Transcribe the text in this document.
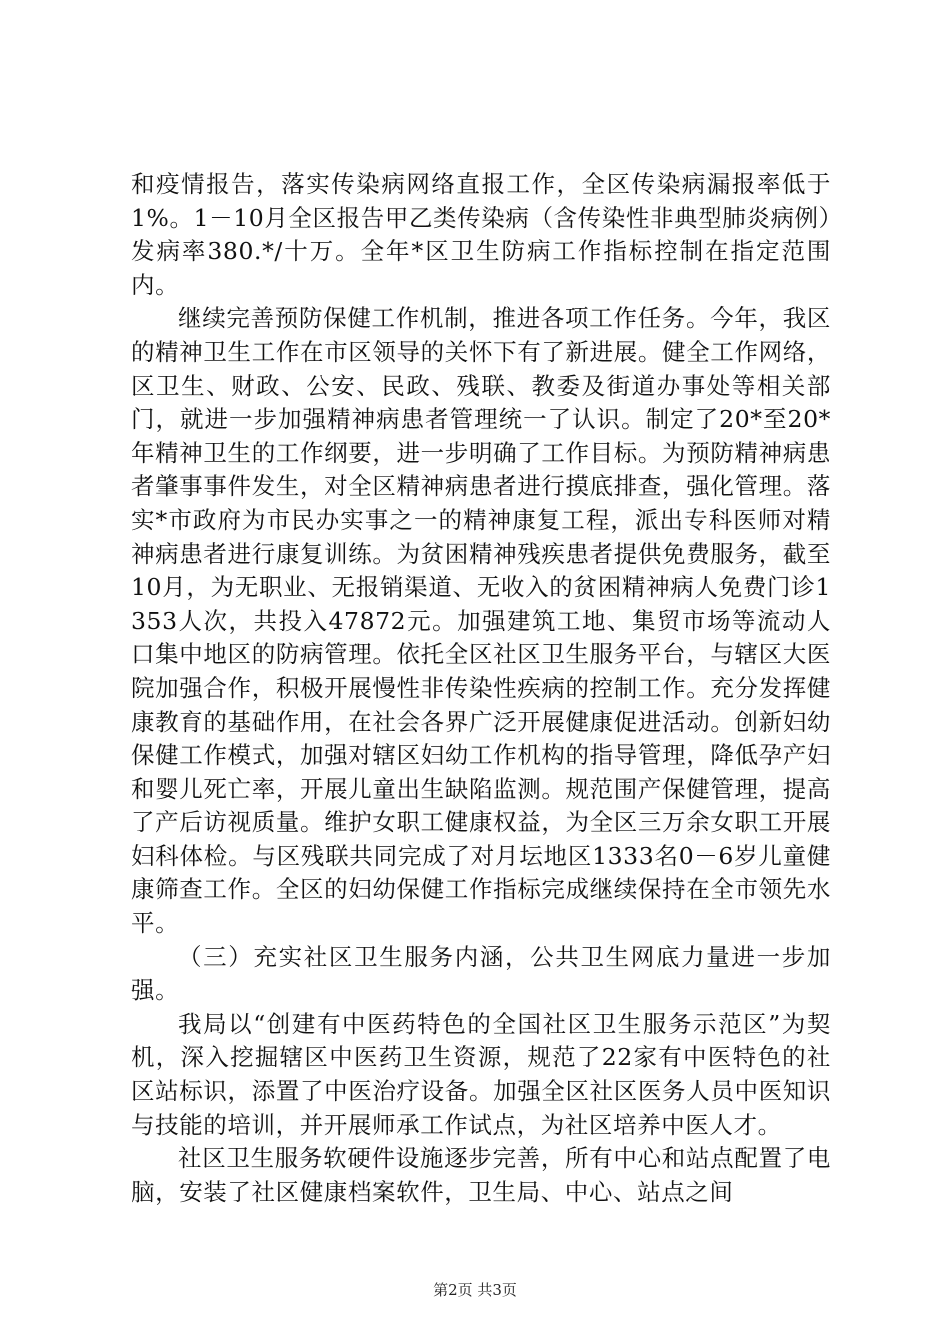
和疫情报告，落实传染病网络直报工作，全区传染病漏报率低于1%。1－10月全区报告甲乙类传染病（含传染性非典型肺炎病例）发病率380.*/十万。全年*区卫生防病工作指标控制在指定范围内。

继续完善预防保健工作机制，推进各项工作任务。今年，我区的精神卫生工作在市区领导的关怀下有了新进展。健全工作网络，区卫生、财政、公安、民政、残联、教委及街道办事处等相关部门，就进一步加强精神病患者管理统一了认识。制定了20*至20*年精神卫生的工作纲要，进一步明确了工作目标。为预防精神病患者肇事事件发生，对全区精神病患者进行摸底排查，强化管理。落实*市政府为市民办实事之一的精神康复工程，派出专科医师对精神病患者进行康复训练。为贫困精神残疾患者提供免费服务，截至10月，为无职业、无报销渠道、无收入的贫困精神病人免费门诊1353人次，共投入47872元。加强建筑工地、集贸市场等流动人口集中地区的防病管理。依托全区社区卫生服务平台，与辖区大医院加强合作，积极开展慢性非传染性疾病的控制工作。充分发挥健康教育的基础作用，在社会各界广泛开展健康促进活动。创新妇幼保健工作模式，加强对辖区妇幼工作机构的指导管理，降低孕产妇和婴儿死亡率，开展儿童出生缺陷监测。规范围产保健管理，提高了产后访视质量。维护女职工健康权益，为全区三万余女职工开展妇科体检。与区残联共同完成了对月坛地区1333名0－6岁儿童健康筛查工作。全区的妇幼保健工作指标完成继续保持在全市领先水平。

（三）充实社区卫生服务内涵，公共卫生网底力量进一步加强。

我局以“创建有中医药特色的全国社区卫生服务示范区”为契机，深入挖掘辖区中医药卫生资源，规范了22家有中医特色的社区站标识，添置了中医治疗设备。加强全区社区医务人员中医知识与技能的培训，并开展师承工作试点，为社区培养中医人才。

社区卫生服务软硬件设施逐步完善，所有中心和站点配置了电脑，安装了社区健康档案软件，卫生局、中心、站点之间

第2页 共3页
